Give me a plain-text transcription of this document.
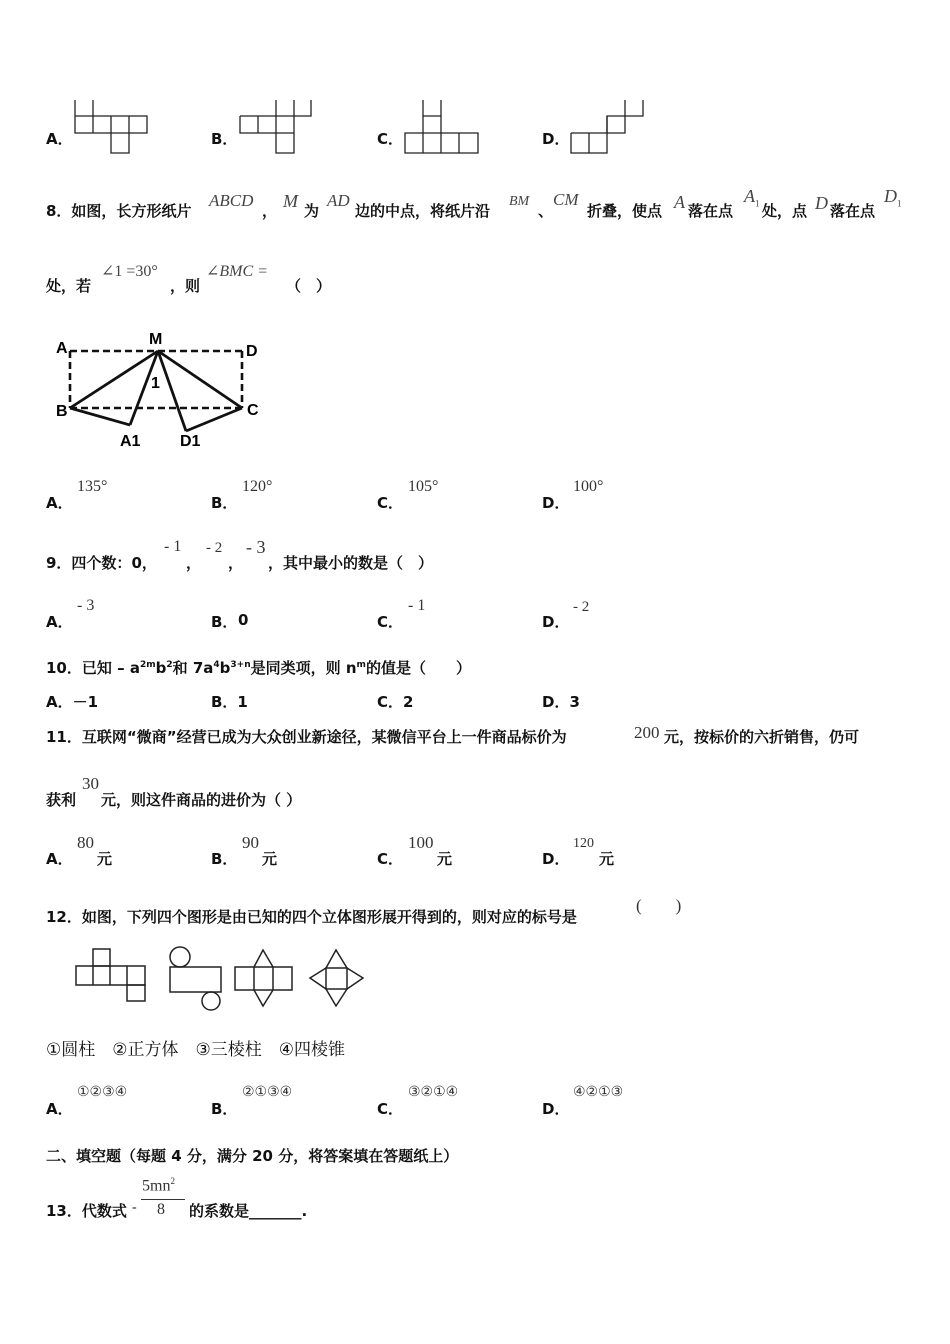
A．	B．	C．	D．
8．如图，长方形纸片
ABCD
， M 为
AD
边的中点，将纸片沿
BM
、
CM
折叠，使点 A 落在点
$A_1$ 处，点 D 落在点
$D_1$
处，若
∠1 =30°
，则
∠BMC =
（　）
A
M
D
B	C
A1 D1
1
A．
135°
B．
120°
C．
105°
D．
100°
9．四个数：0，
- 1
，
- 2
，
- 3
，其中最小的数是（　）
A．
- 3
B． 0	C．
- 1
D．
- 2
10．已知 – $a^{2m}b^2$和 $7a^4b^{3+n}$是同类项，则 $n^m$的值是（　　）
A．－1	B．1	C．2	D．3
11．互联网“微商”经营已成为大众创业新途径，某微信平台上一件商品标价为	200 元，按标价的六折销售，仍可
获利
30
元，则这件商品的进价为（ ）
A．
80
元	B．
90
元	C．
100
元	D．
120
元
12．如图，下列四个图形是由已知的四个立体图形展开得到的，则对应的标号是
(　　)
①圆柱　②正方体　③三棱柱　④四棱锥
A．
①②③④
B．
②①③④
C．
③②①④
D．
④②①③
二、填空题（每题 4 分，满分 20 分，将答案填在答题纸上）
13．代数式 -
$5mn^2$
8 的系数是_______.
